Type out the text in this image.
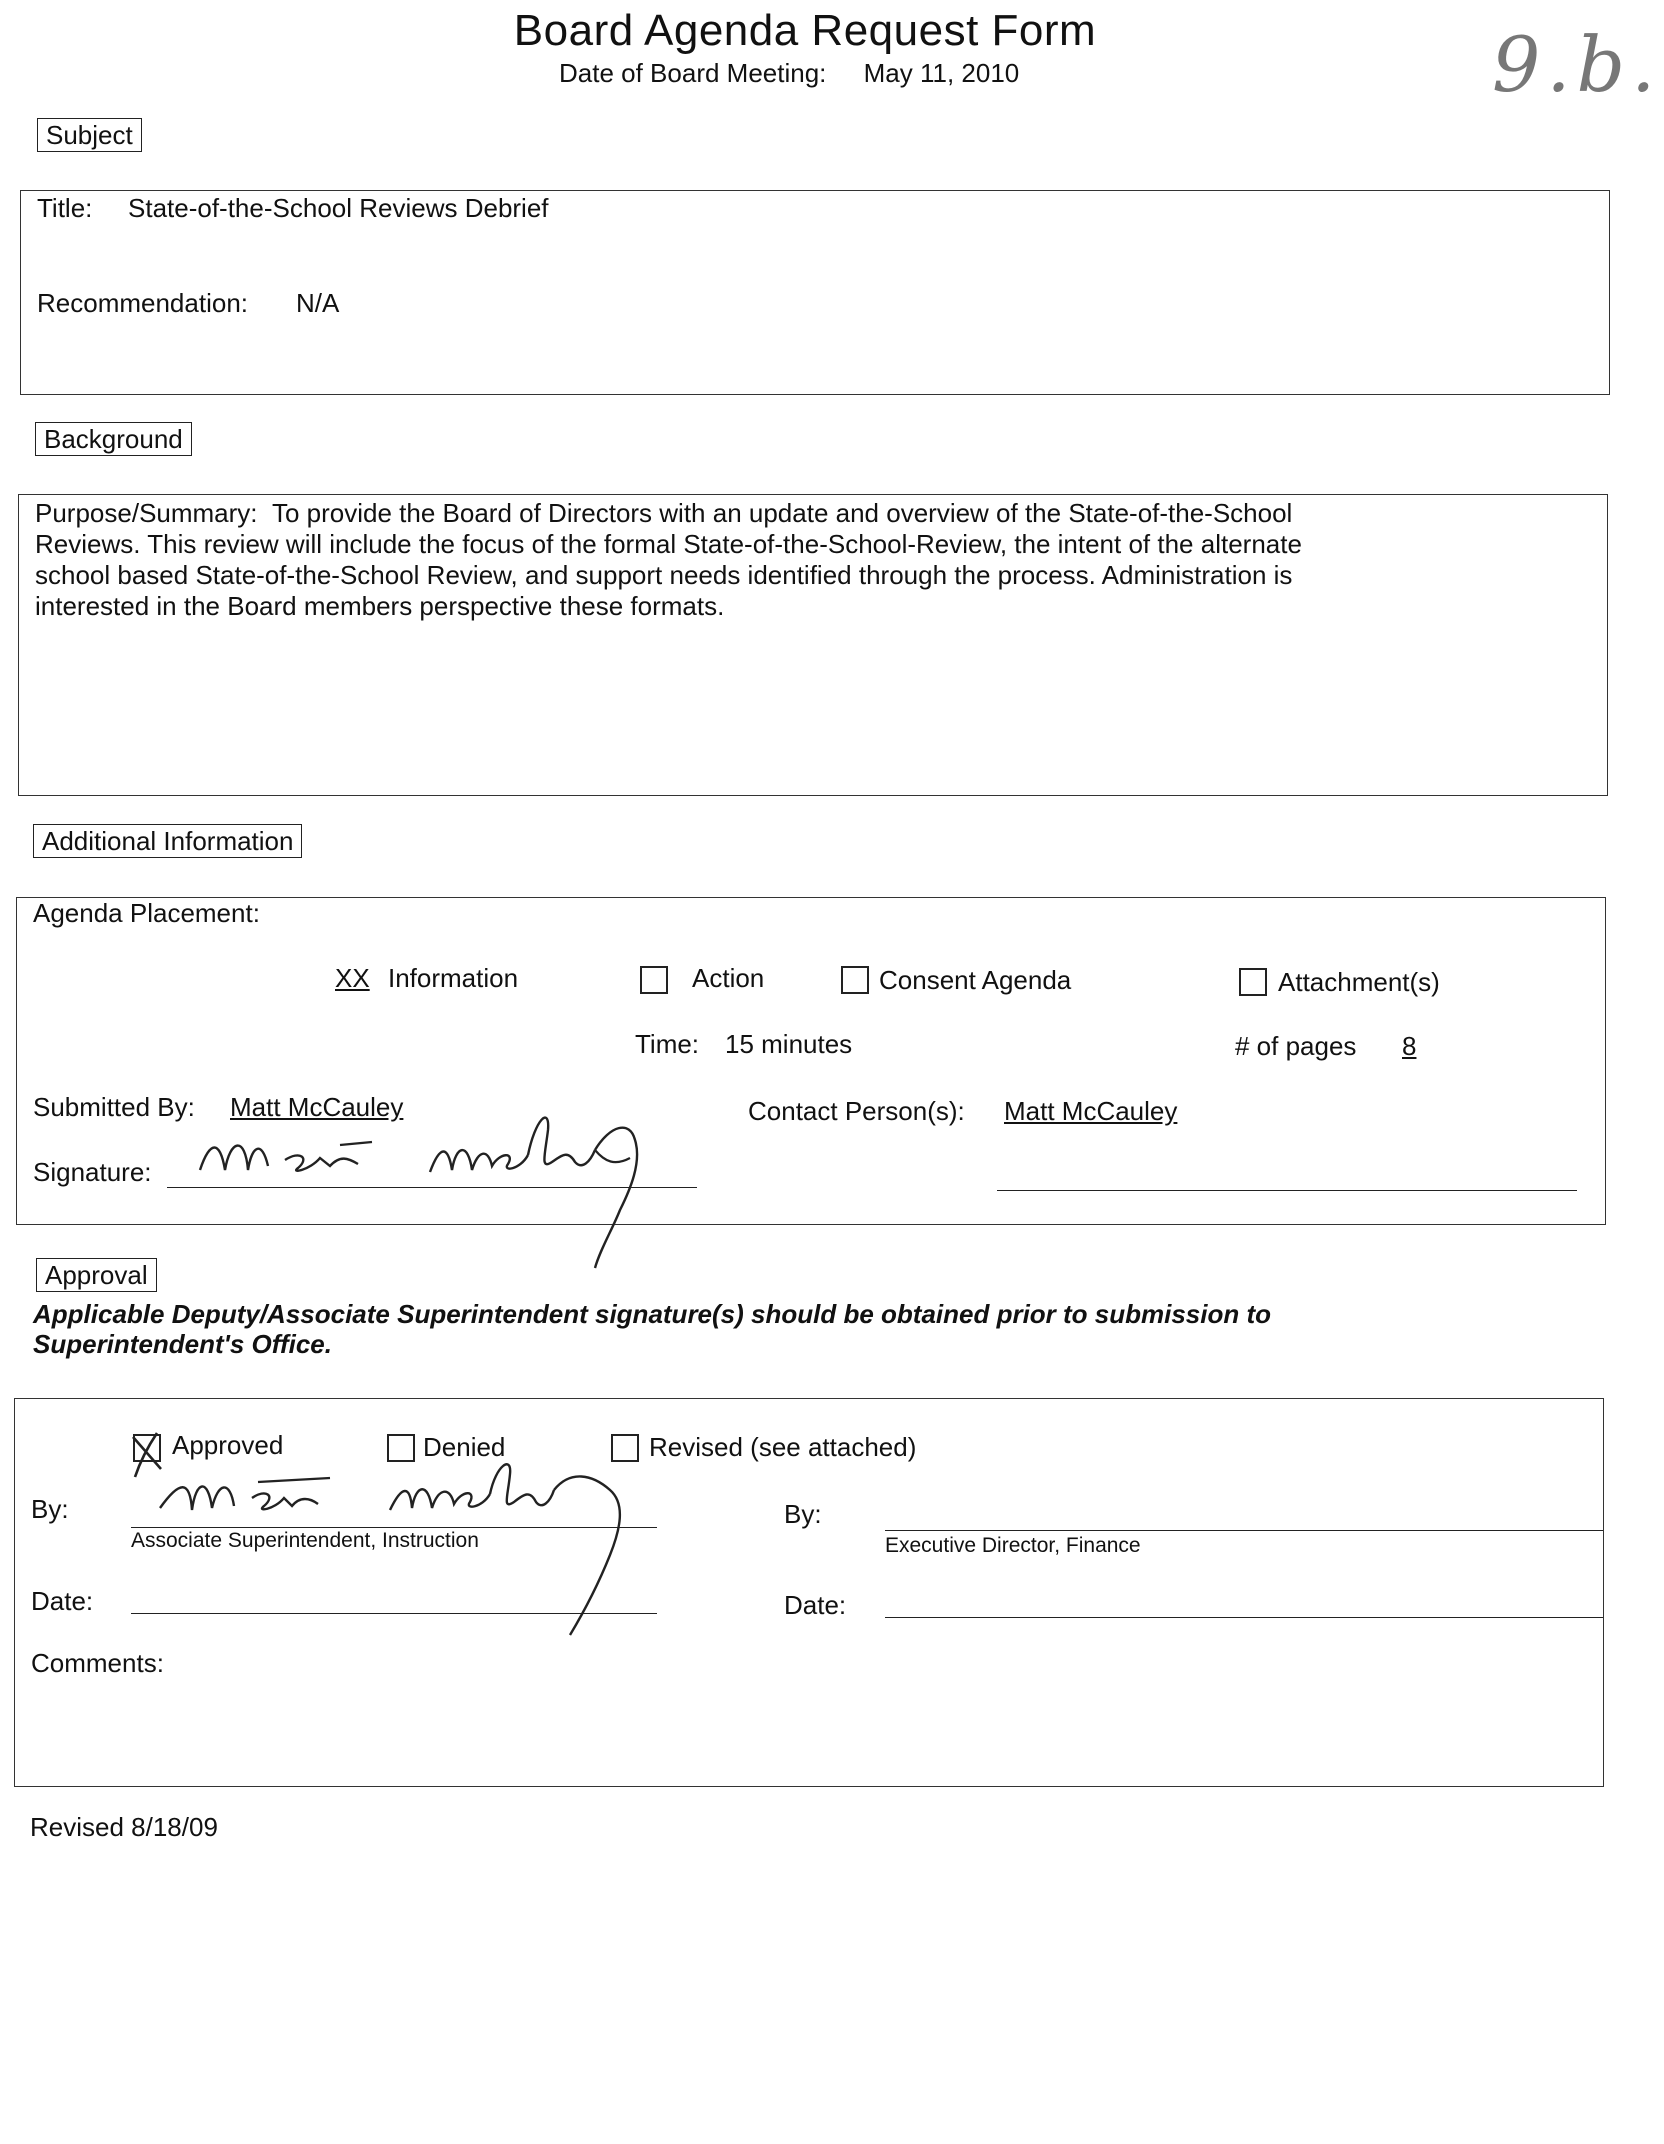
Board Agenda Request Form
Date of Board Meeting: May 11, 2010	9.b.
Subject
Title: State-of-the-School Reviews Debrief
Recommendation: N/A
Background

Purpose/Summary: To provide the Board of Directors with an update and overview of the State-of-the-School

Reviews. This review will include the focus of the formal State-of-the-School-Review, the intent of the alternate

school based State-of-the-School Review, and support needs identified through the process. Administration is

interested in the Board members perspective these formats.

Additional Information
Agenda Placement:
XX Information	Action	Consent Agenda	Attachment(s)
Time: 15 minutes	# of pages 8
Submitted By: Matt McCauley	Contact Person(s): Matt McCauley
Signature:
Approval

Applicable Deputy/Associate Superintendent signature(s) should be obtained prior to submission to

Superintendent's Office.

Approved	Denied	Revised (see attached)
By:
Associate Superintendent, Instruction
By:
Executive Director, Finance
Date:	Date:
Comments:
Revised 8/18/09
